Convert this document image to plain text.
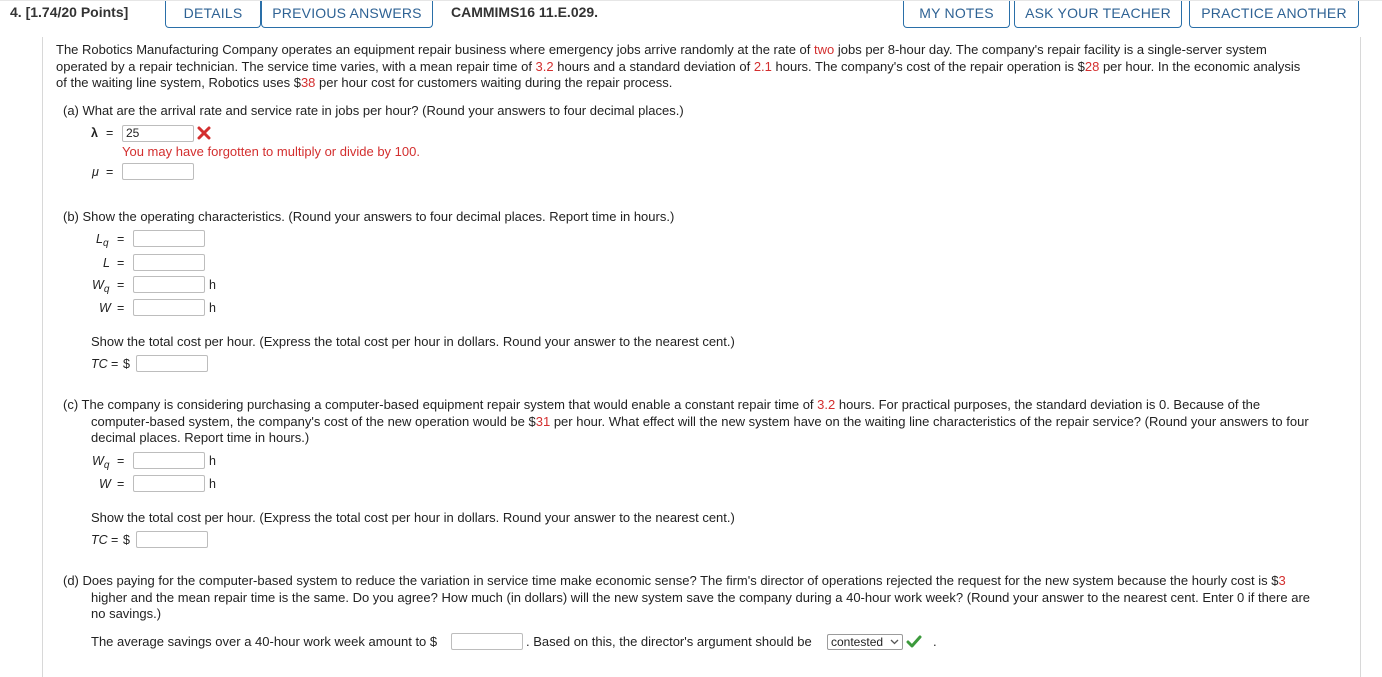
4. [1.74/20 Points]	DETAILS	PREVIOUS ANSWERS	CAMMIMS16 11.E.029.	MY NOTES	ASK YOUR TEACHER	PRACTICE ANOTHER
The Robotics Manufacturing Company operates an equipment repair business where emergency jobs arrive randomly at the rate of two jobs per 8-hour day. The company's repair facility is a single-server system
operated by a repair technician. The service time varies, with a mean repair time of 3.2 hours and a standard deviation of 2.1 hours. The company's cost of the repair operation is $28 per hour. In the economic analysis
of the waiting line system, Robotics uses $38 per hour cost for customers waiting during the repair process.
(a) What are the arrival rate and service rate in jobs per hour? (Round your answers to four decimal places.)
λ =	25
You may have forgotten to multiply or divide by 100.
μ =
(b) Show the operating characteristics. (Round your answers to four decimal places. Report time in hours.)
$L_q$ =
L =
$W_q$ =	h
W =	h
Show the total cost per hour. (Express the total cost per hour in dollars. Round your answer to the nearest cent.)
TC = $
(c) The company is considering purchasing a computer-based equipment repair system that would enable a constant repair time of 3.2 hours. For practical purposes, the standard deviation is 0. Because of the
computer-based system, the company's cost of the new operation would be $31 per hour. What effect will the new system have on the waiting line characteristics of the repair service? (Round your answers to four
decimal places. Report time in hours.)
$W_q$ =	h
W =	h
Show the total cost per hour. (Express the total cost per hour in dollars. Round your answer to the nearest cent.)
TC = $
(d) Does paying for the computer-based system to reduce the variation in service time make economic sense? The firm's director of operations rejected the request for the new system because the hourly cost is $3
higher and the mean repair time is the same. Do you agree? How much (in dollars) will the new system save the company during a 40-hour work week? (Round your answer to the nearest cent. Enter 0 if there are
no savings.)
The average savings over a 40-hour work week amount to $	. Based on this, the director's argument should be	contested	.
